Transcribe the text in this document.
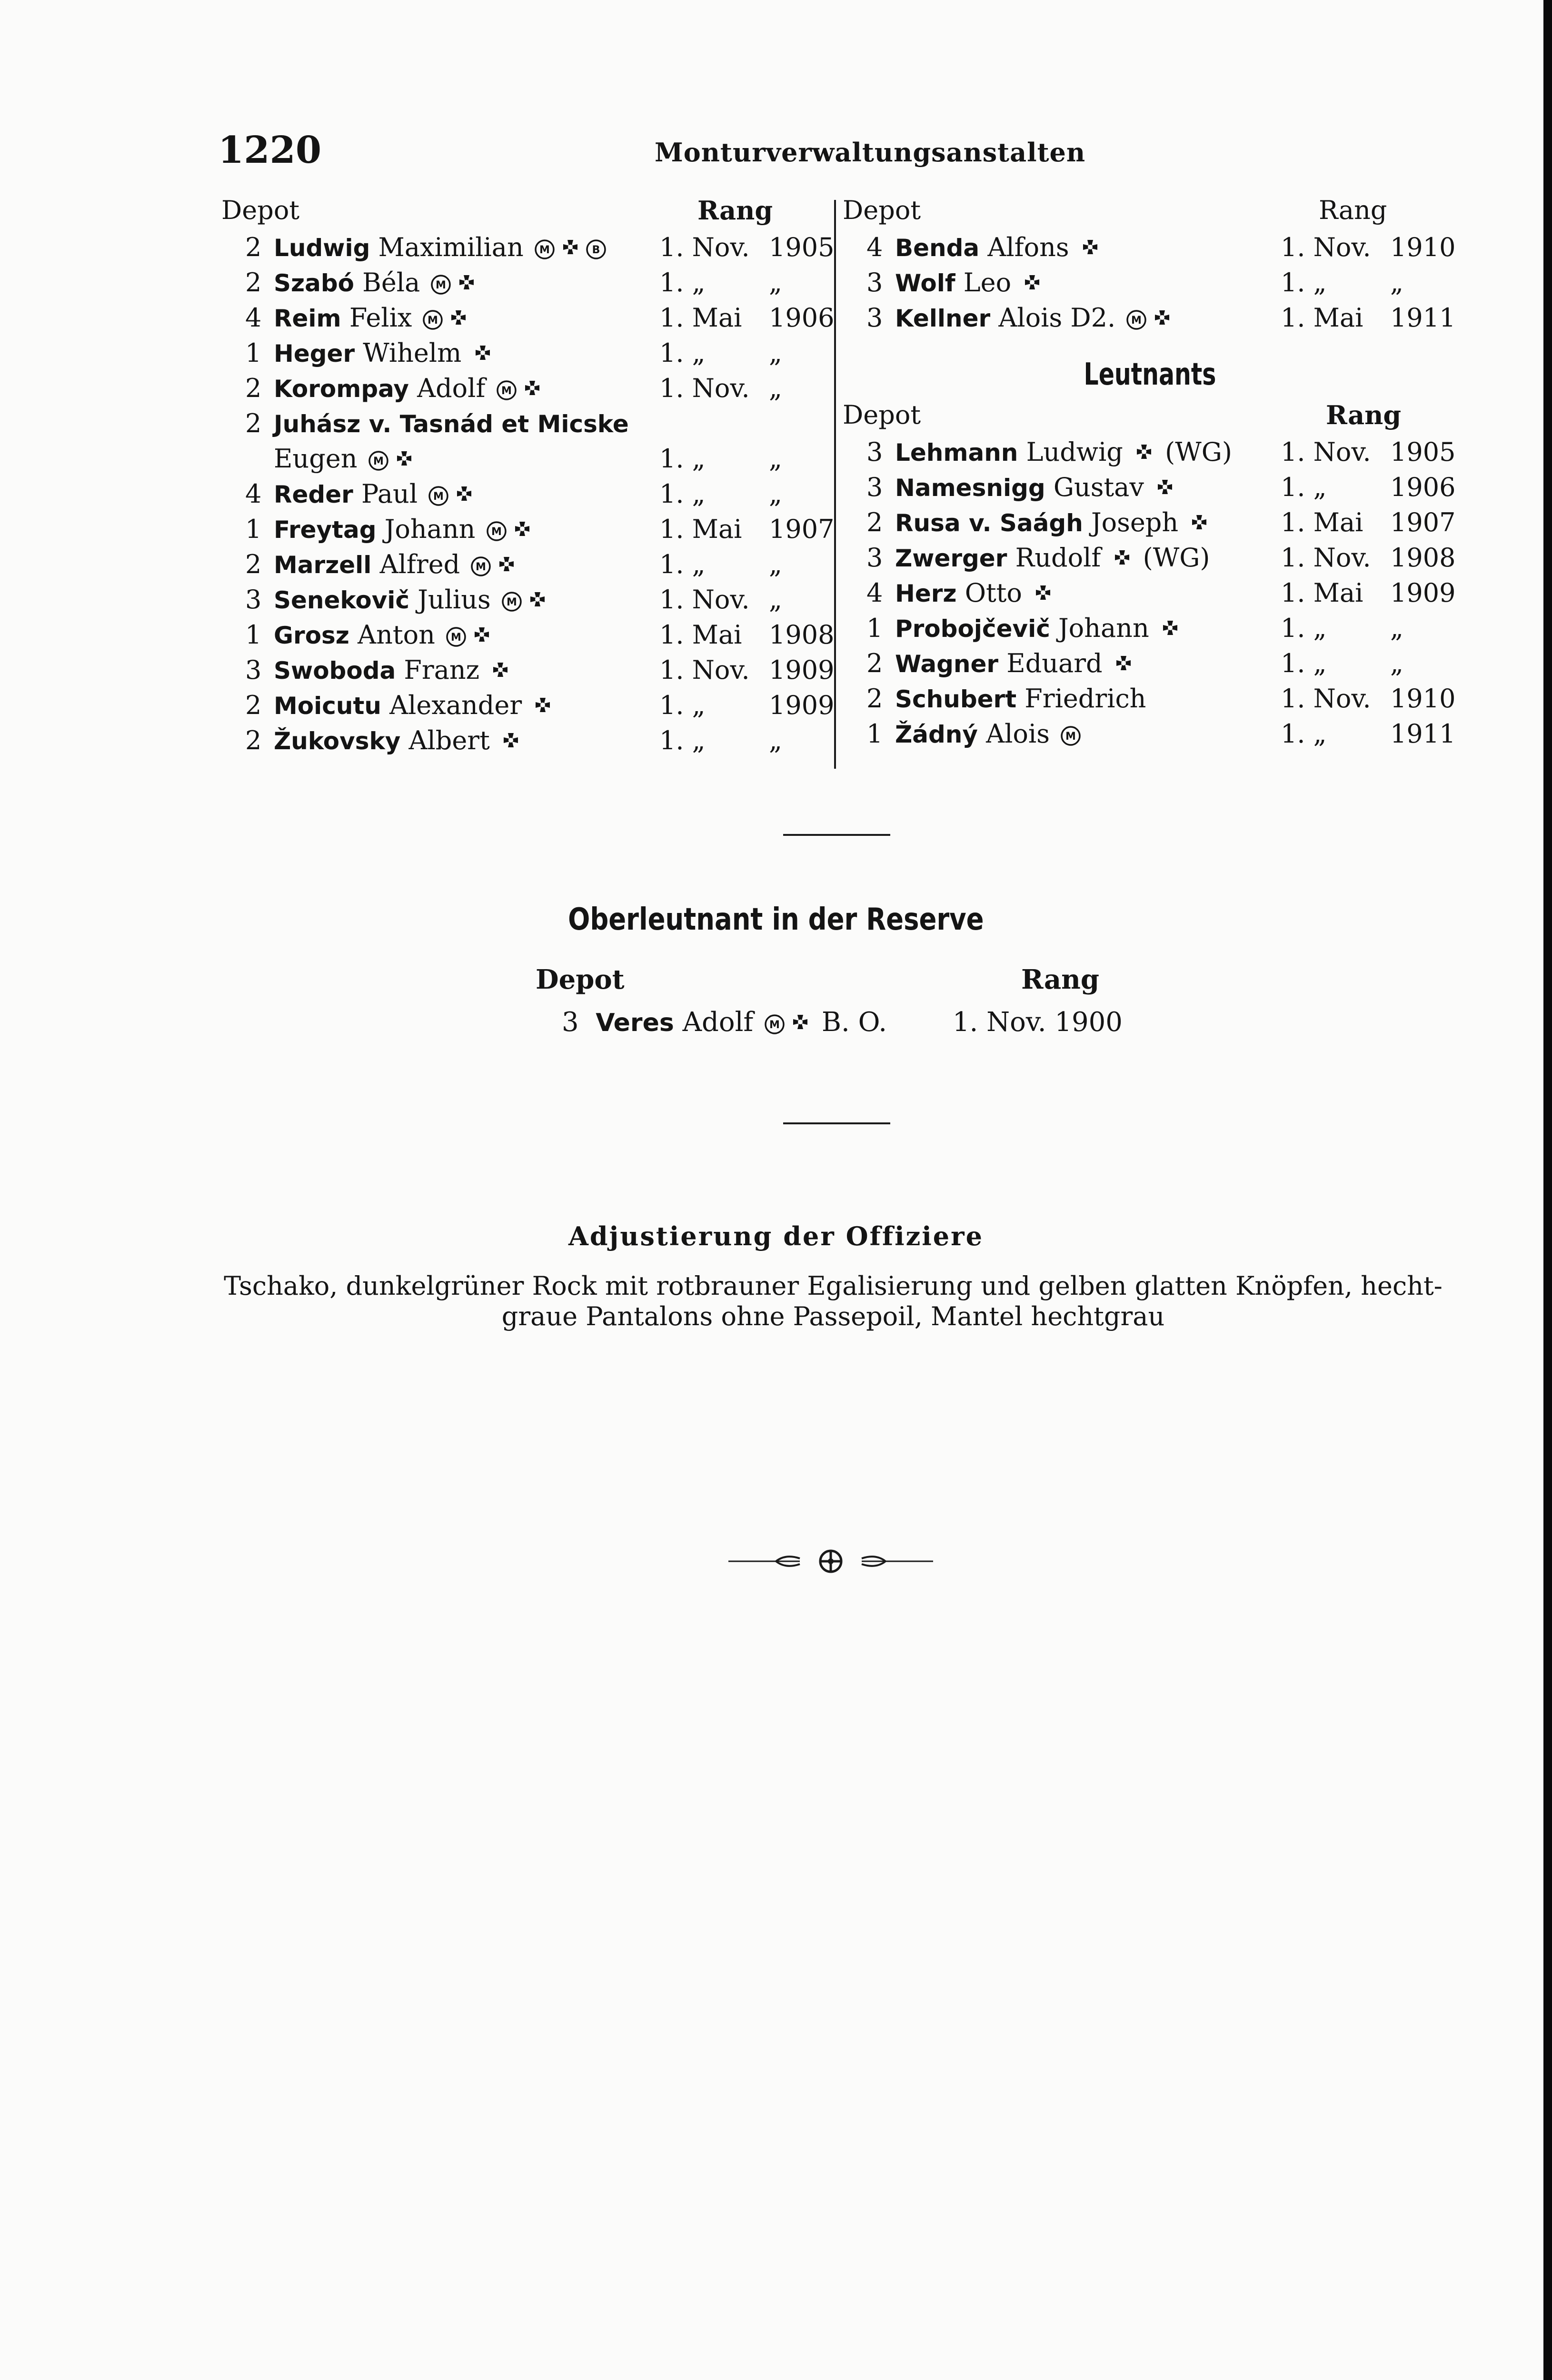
1220	Monturverwaltungsanstalten
Depot	Rang
2 Ludwig Maximilian M	B 1. Nov. 1905
2 Szabó Béla M	1. „ „
4 Reim Felix M	1. Mai 1906
1 Heger Wihelm	1. „ „
2 Korompay Adolf M	1. Nov. „
2 Juhász v. Tasnád et Micske
Eugen M	1. „ „
4 Reder Paul M	1. „ „
1 Freytag Johann M	1. Mai 1907
2 Marzell Alfred M	1. „ „
3 Senekovič Julius M	1. Nov. „
1 Grosz Anton M	1. Mai 1908
3 Swoboda Franz	1. Nov. 1909
2 Moicutu Alexander	1. „ 1909
2 Žukovsky Albert	1. „ „
Depot	Rang
4 Benda Alfons	1. Nov. 1910
3 Wolf Leo	1. „ „
3 Kellner Alois D2. M	1. Mai 1911
Leutnants
Depot	Rang
3 Lehmann Ludwig  (WG) 1. Nov. 1905
3 Namesnigg Gustav	1. „ 1906
2 Rusa v. Saágh Joseph	1. Mai 1907
3 Zwerger Rudolf  (WG)	1. Nov. 1908
4 Herz Otto	1. Mai 1909
1 Probojčevič Johann	1. „ „
2 Wagner Eduard	1. „ „
2 Schubert Friedrich	1. Nov. 1910
1 Žádný Alois M	1. „ 1911
Oberleutnant in der Reserve
Depot	Rang
3 Veres Adolf M B. O. 1. Nov. 1900
Adjustierung der Offiziere
Tschako, dunkelgrüner Rock mit rotbrauner Egalisierung und gelben glatten Knöpfen, hecht-
graue Pantalons ohne Passepoil, Mantel hechtgrau
